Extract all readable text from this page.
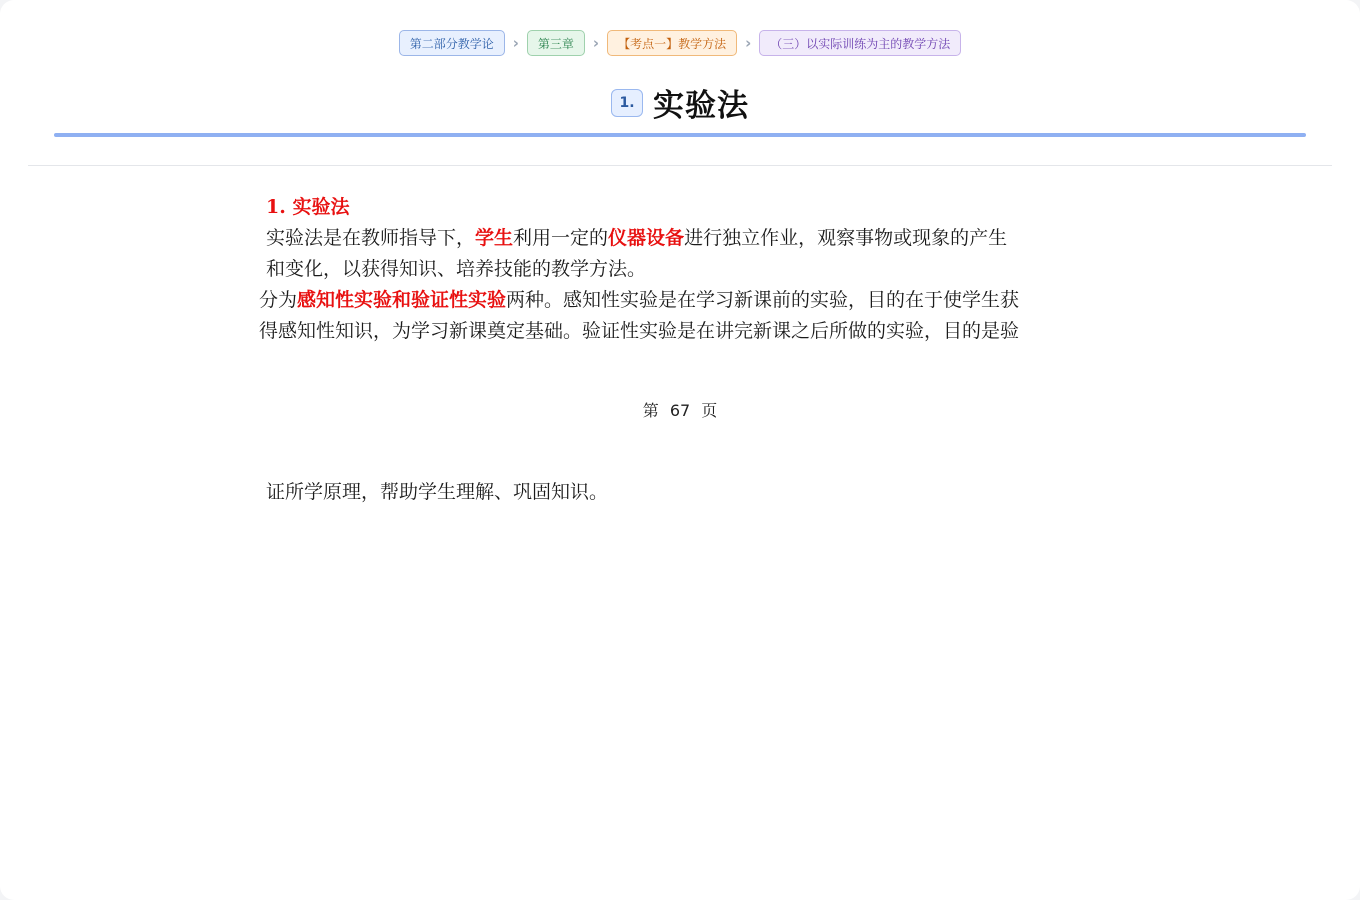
第二部分教学论	›	第三章	›	【考点一】教学方法	›	（三）以实际训练为主的教学方法
1. 实验法
1. 实验法
实验法是在教师指导下，学生利用一定的仪器设备进行独立作业，观察事物或现象的产生
和变化，以获得知识、培养技能的教学方法。
分为感知性实验和验证性实验两种。感知性实验是在学习新课前的实验，目的在于使学生获
得感知性知识，为学习新课奠定基础。验证性实验是在讲完新课之后所做的实验，目的是验
证所学原理，帮助学生理解、巩固知识。
第 67 页
